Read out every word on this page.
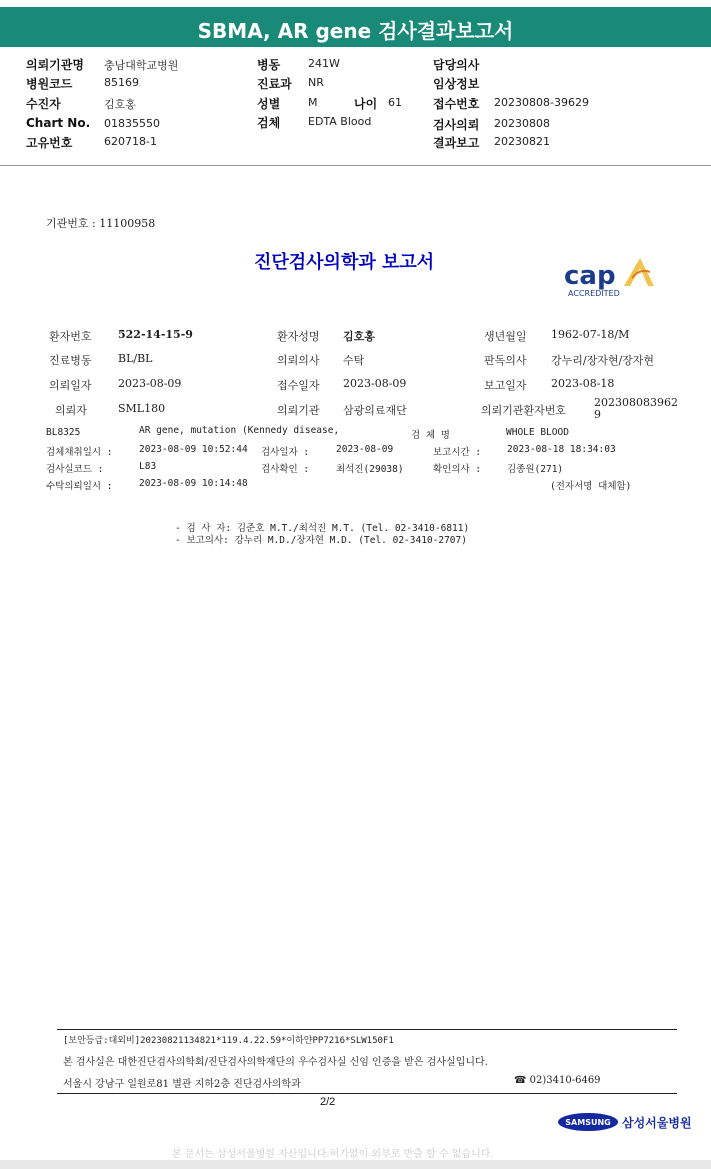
SBMA, AR gene 검사결과보고서
의뢰기관명 충남대학교병원	병동	241W	담당의사
병원코드	85169	진료과 NR	임상정보
수진자	김호홍	성별	M	나이 61	접수번호 20230808-39629
Chart No. 01835550	검체	EDTA Blood	검사의뢰 20230808
고유번호	620718-1	결과보고 20230821
기관번호 : 11100958
진단검사의학과 보고서	cap
ACCREDITED
환자번호 522-14-15-9	환자성명 김호홍	생년월일 1962-07-18/M
진료병동 BL/BL	의뢰의사 수탁	판독의사 강누리/장자현/장자현
의뢰일자 2023-08-09	접수일자 2023-08-09	보고일자 2023-08-18
의뢰자	SML180	의뢰기관 삼광의료재단	의뢰기관환자번호
202308083962
9
BL8325	AR gene, mutation (Kennedy disease,	검 체 명	WHOLE BLOOD
검체채취일시 :	2023-08-09 10:52:44 검사일자 :	2023-08-09	보고시간 :	2023-08-18 18:34:03
검사실코드 :	L83	검사확인 :	최석진(29038)	확인의사 :	김종원(271)
수탁의뢰일시 :	2023-08-09 10:14:48	(전자서명 대체함)
- 검 사 자: 김준호 M.T./최석진 M.T. (Tel. 02-3410-6811)
- 보고의사: 강누리 M.D./장자현 M.D. (Tel. 02-3410-2707)
[보안등급:대외비]20230821134821*119.4.22.59*이하얀PP7216*SLW150F1
본 검사실은 대한진단검사의학회/진단검사의학재단의 우수검사실 신임 인증을 받은 검사실입니다.
서울시 강남구 일원로81 별관 지하2층 진단검사의학과	☎ 02)3410-6469
2/2
SAMSUNG 삼성서울병원
본 문서는 삼성서울병원 자산입니다.허가없이 외부로 반출 할 수 없습니다.
